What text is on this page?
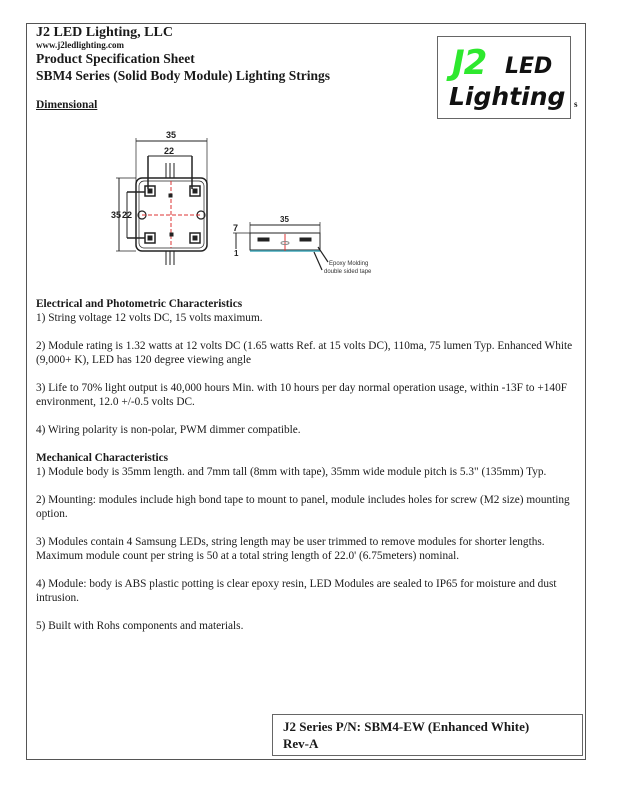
J2 LED Lighting, LLC
www.j2ledlighting.com
Product Specification Sheet
SBM4 Series (Solid Body Module) Lighting Strings
Dimensional
J2 LED
Lighting s
35
22
35 22	35
7
1
Epoxy Molding
double sided tape
Electrical and Photometric Characteristics

1) String voltage 12 volts DC, 15 volts maximum.

2) Module rating is 1.32 watts at 12 volts DC (1.65 watts Ref. at 15 volts DC), 110ma, 75 lumen Typ. Enhanced White (9,000+ K), LED has 120 degree viewing angle

3) Life to 70% light output is 40,000 hours Min. with 10 hours per day normal operation usage, within -13F to +140F environment, 12.0 +/-0.5 volts DC.

4) Wiring polarity is non-polar, PWM dimmer compatible.

Mechanical Characteristics

1) Module body is 35mm length. and 7mm tall (8mm with tape), 35mm wide module pitch is 5.3" (135mm) Typ.

2) Mounting: modules include high bond tape to mount to panel, module includes holes for screw (M2 size) mounting option.

3) Modules contain 4 Samsung LEDs, string length may be user trimmed to remove modules for shorter lengths. Maximum module count per string is 50 at a total string length of 22.0' (6.75meters) nominal.

4) Module: body is ABS plastic potting is clear epoxy resin, LED Modules are sealed to IP65 for moisture and dust intrusion.

5) Built with Rohs components and materials.

J2 Series P/N: SBM4-EW (Enhanced White)
Rev-A
